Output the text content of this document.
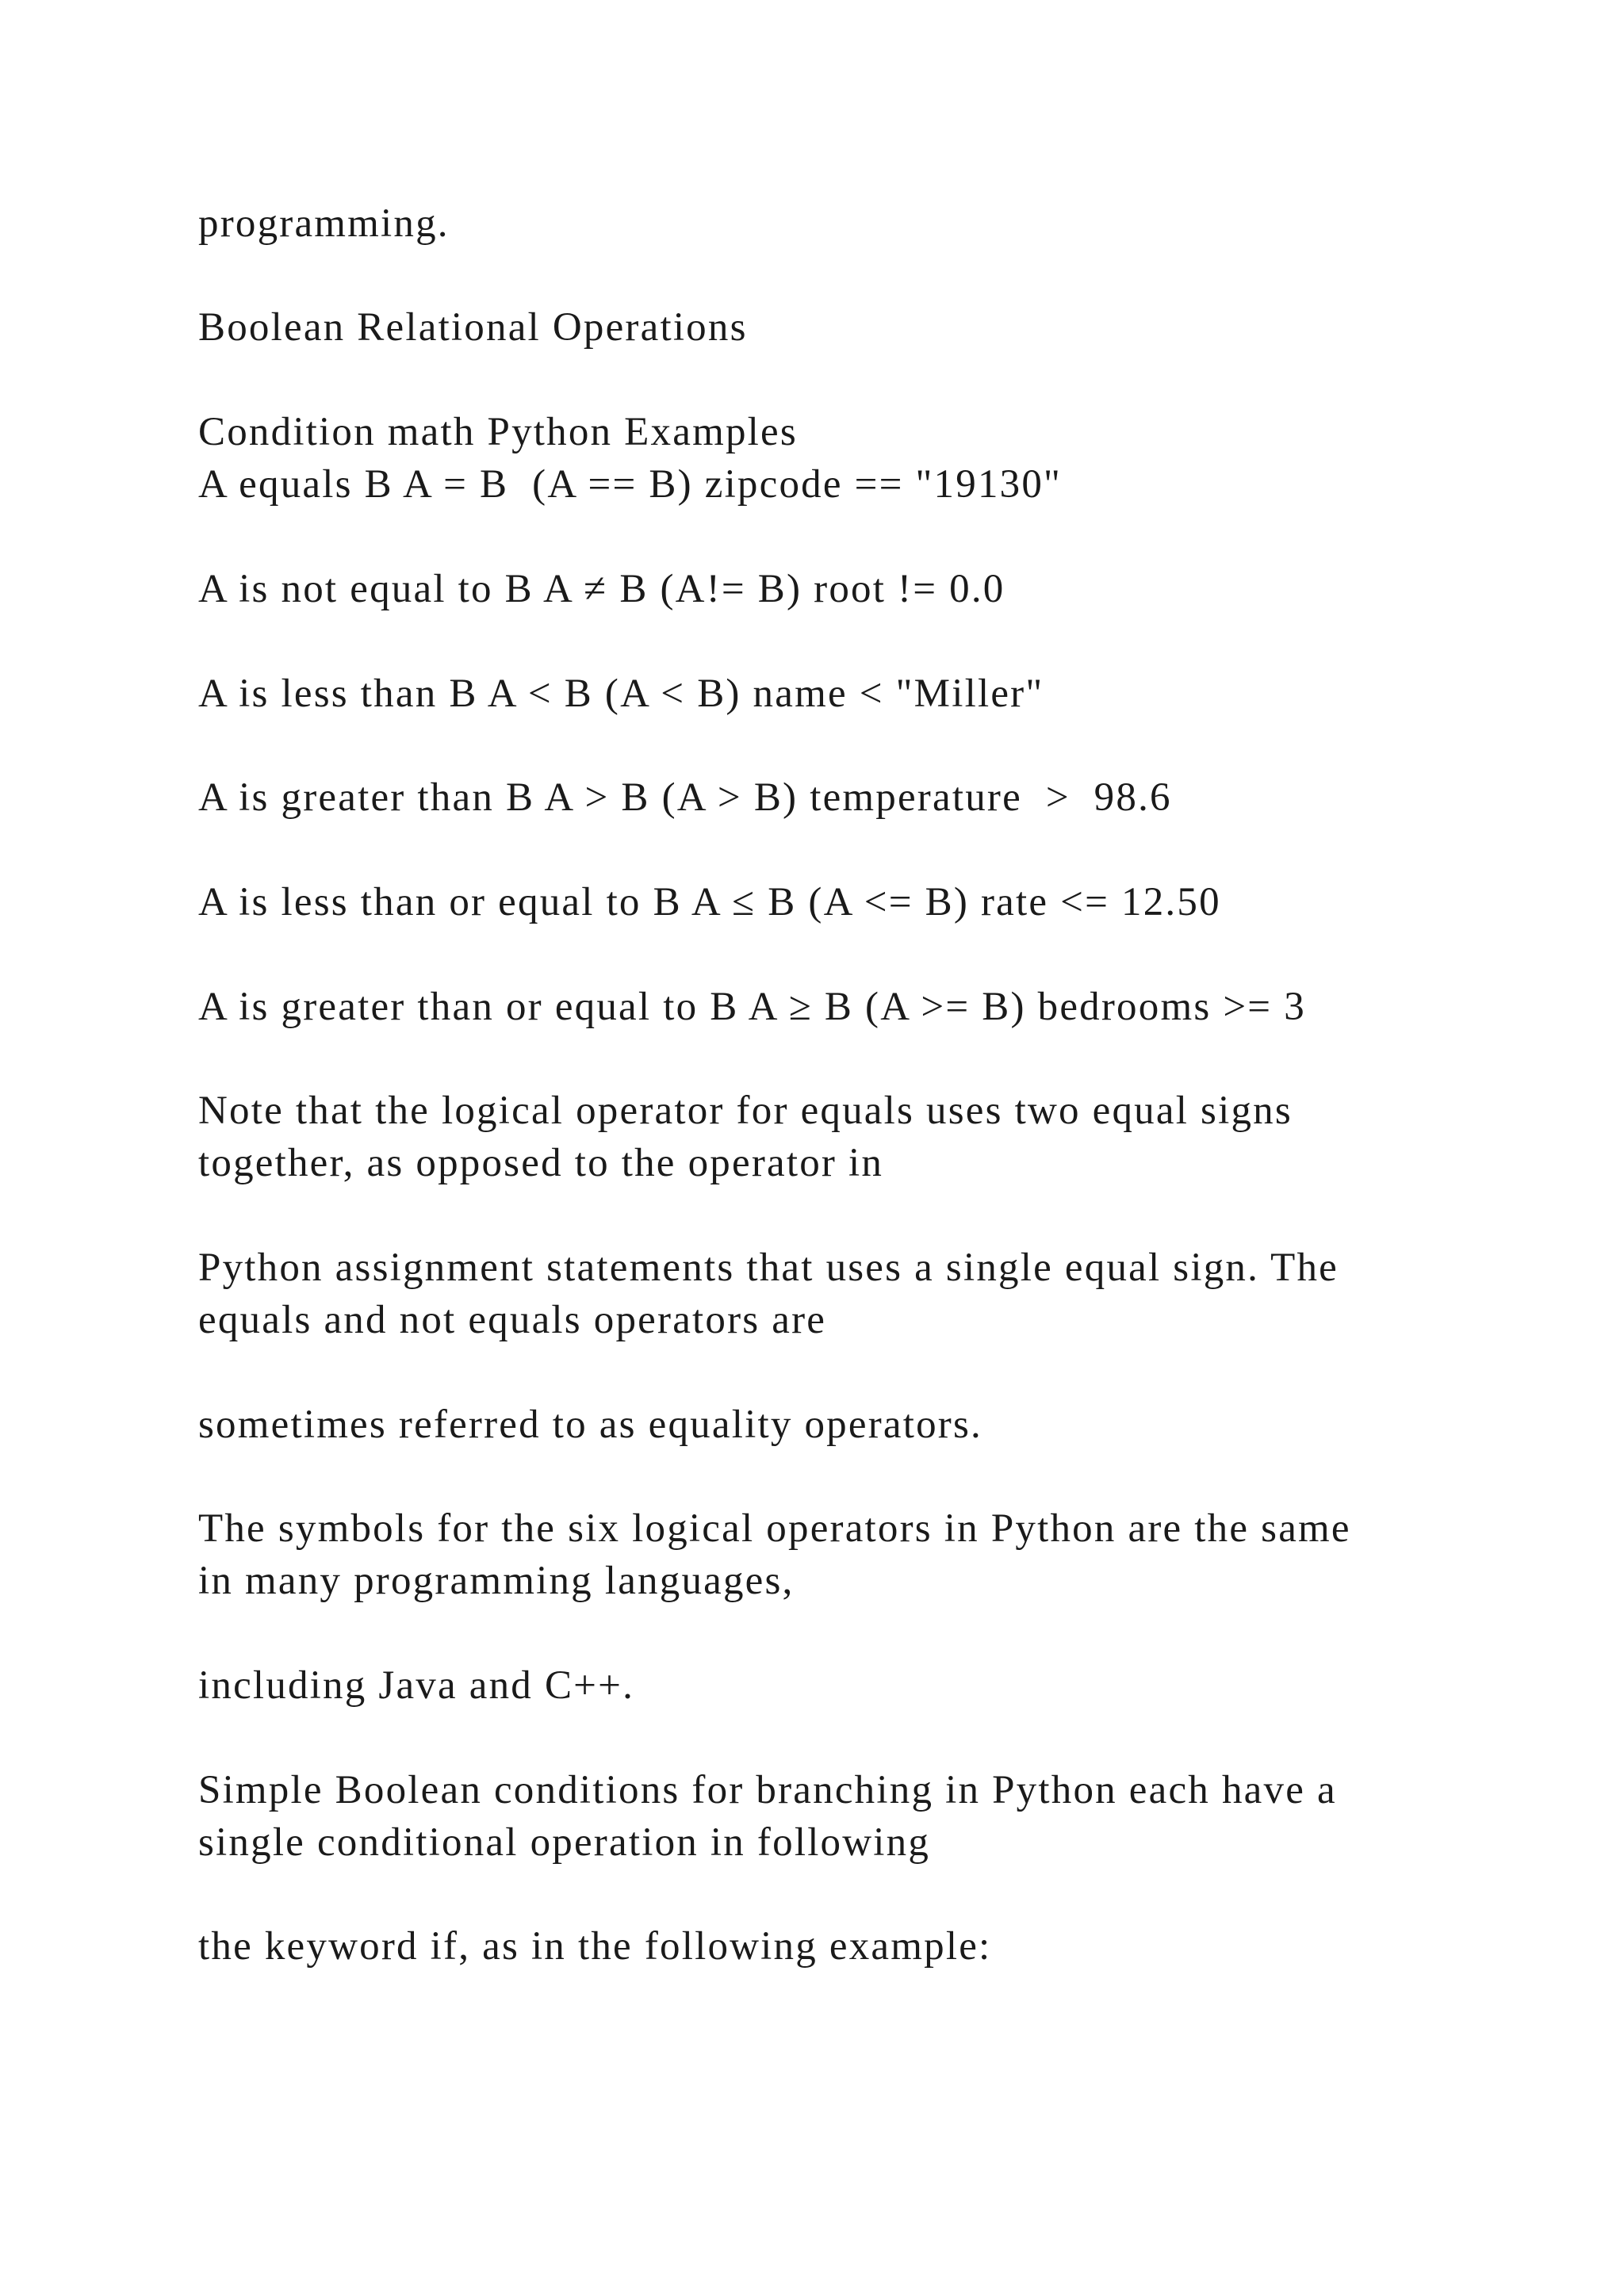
programming.

Boolean Relational Operations

Condition math Python Examples

A equals B A = B  (A == B) zipcode == "19130"

A is not equal to B A ≠ B (A!= B) root != 0.0

A is less than B A < B (A < B) name < "Miller"

A is greater than B A > B (A > B) temperature  >  98.6

A is less than or equal to B A ≤ B (A <= B) rate <= 12.50

A is greater than or equal to B A ≥ B (A >= B) bedrooms >= 3

Note that the logical operator for equals uses two equal signs

together, as opposed to the operator in

Python assignment statements that uses a single equal sign. The

equals and not equals operators are

sometimes referred to as equality operators.

The symbols for the six logical operators in Python are the same

in many programming languages,

including Java and C++.

Simple Boolean conditions for branching in Python each have a

single conditional operation in following

the keyword if, as in the following example:
